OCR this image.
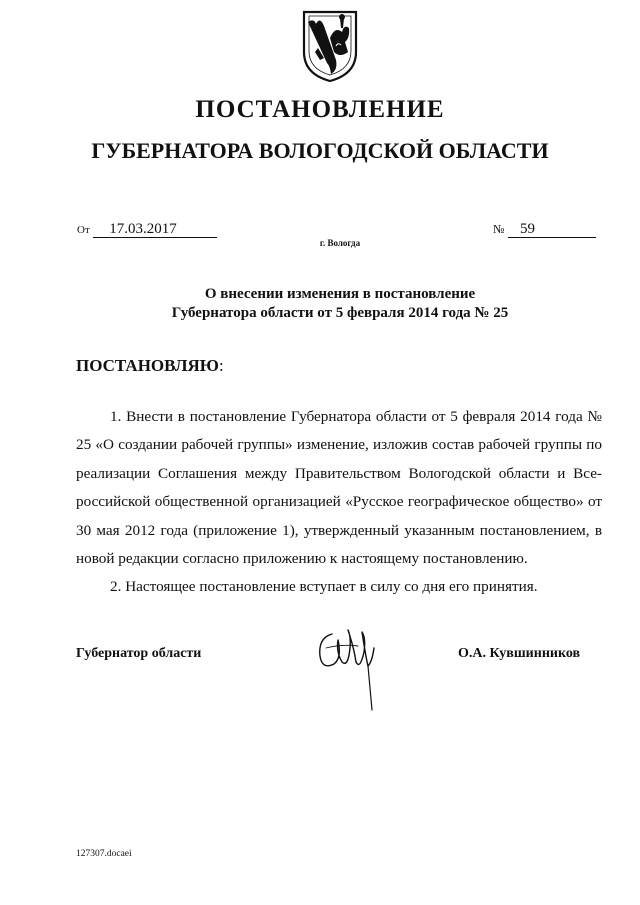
ПОСТАНОВЛЕНИЕ
ГУБЕРНАТОРА ВОЛОГОДСКОЙ ОБЛАСТИ
От 17.03.2017	№ 59
г. Вологда
О внесении изменения в постановление
Губернатора области от 5 февраля 2014 года № 25
ПОСТАНОВЛЯЮ:

1. Внести в постановление Губернатора области от 5 февраля 2014 года № 25 «О создании рабочей группы» изменение, изложив состав рабочей группы по реализации Соглашения между Правительством Вологодской области и Все-российской общественной организацией «Русское географическое общество» от 30 мая 2012 года (приложение 1), утвержденный указанным постановлением, в новой редакции согласно приложению к настоящему постановлению.

2. Настоящее постановление вступает в силу со дня его принятия.

Губернатор области	О.А. Кувшинников
127307.docaei
